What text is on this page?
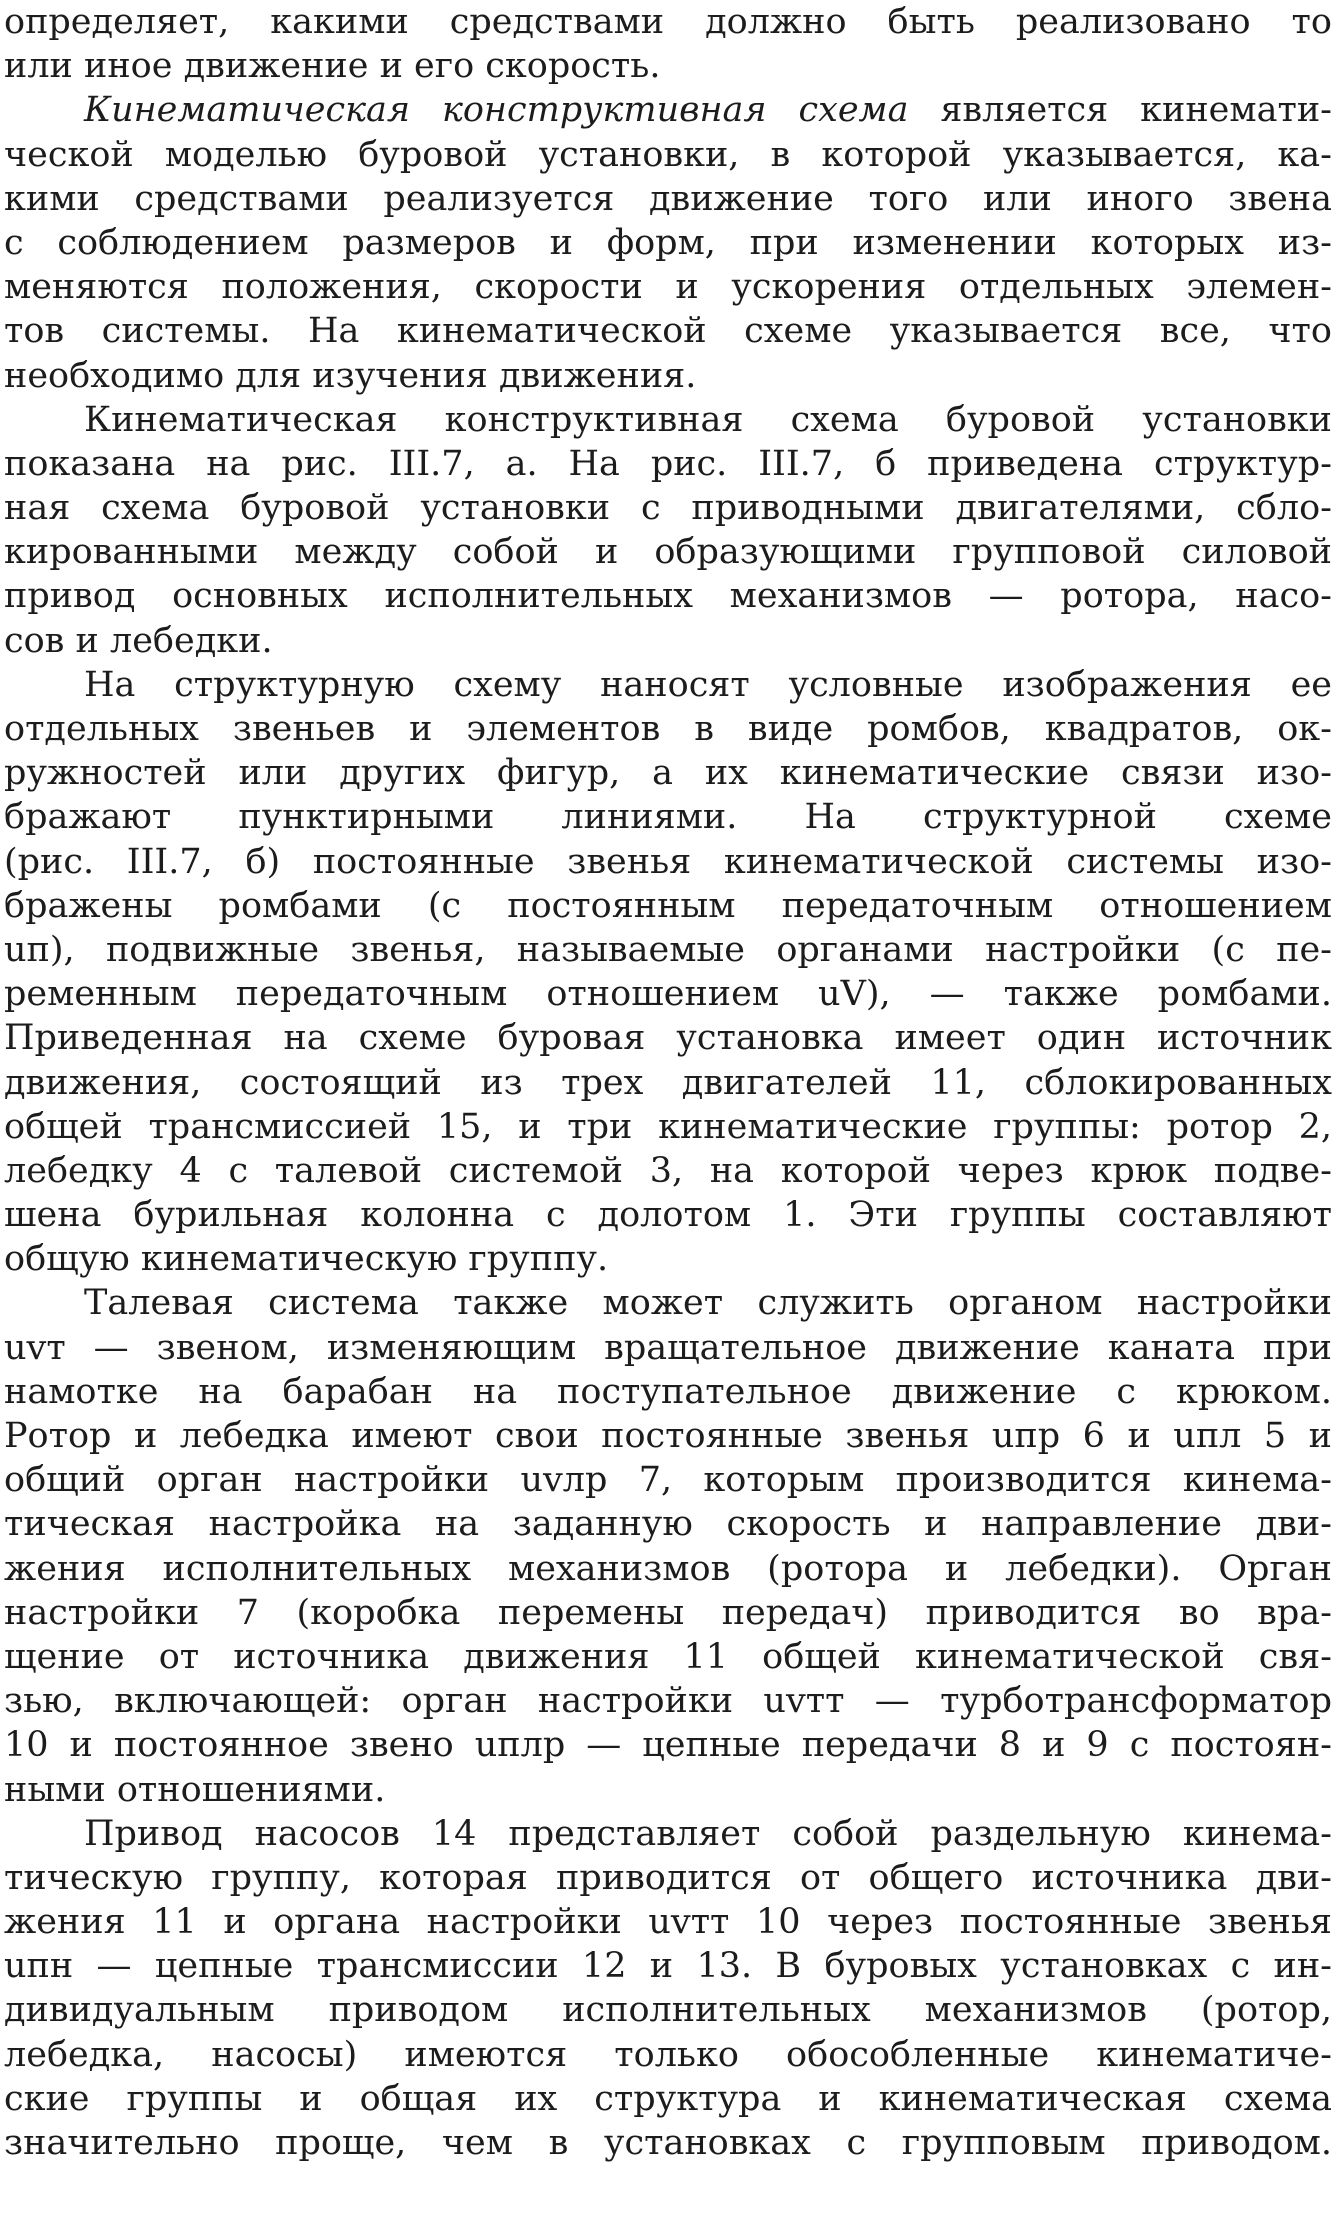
определяет, какими средствами должно быть реализовано то
или иное движение и его скорость.
Кинематическая конструктивная схема является кинемати-
ческой моделью буровой установки, в которой указывается, ка-
кими средствами реализуется движение того или иного звена
с соблюдением размеров и форм, при изменении которых из-
меняются положения, скорости и ускорения отдельных элемен-
тов системы. На кинематической схеме указывается все, что
необходимо для изучения движения.
Кинематическая конструктивная схема буровой установки
показана на рис. III.7, а. На рис. III.7, б приведена структур-
ная схема буровой установки с приводными двигателями, сбло-
кированными между собой и образующими групповой силовой
привод основных исполнительных механизмов — ротора, насо-
сов и лебедки.
На структурную схему наносят условные изображения ее
отдельных звеньев и элементов в виде ромбов, квадратов, ок-
ружностей или других фигур, а их кинематические связи изо-
бражают пунктирными линиями. На структурной схеме
(рис. III.7, б) постоянные звенья кинематической системы изо-
бражены ромбами (с постоянным передаточным отношением
uп), подвижные звенья, называемые органами настройки (с пе-
ременным передаточным отношением uV), — также ромбами.
Приведенная на схеме буровая установка имеет один источник
движения, состоящий из трех двигателей 11, сблокированных
общей трансмиссией 15, и три кинематические группы: ротор 2,
лебедку 4 с талевой системой 3, на которой через крюк подве-
шена бурильная колонна с долотом 1. Эти группы составляют
общую кинематическую группу.
Талевая система также может служить органом настройки
uvт — звеном, изменяющим вращательное движение каната при
намотке на барабан на поступательное движение с крюком.
Ротор и лебедка имеют свои постоянные звенья uпр 6 и uпл 5 и
общий орган настройки uvлр 7, которым производится кинема-
тическая настройка на заданную скорость и направление дви-
жения исполнительных механизмов (ротора и лебедки). Орган
настройки 7 (коробка перемены передач) приводится во вра-
щение от источника движения 11 общей кинематической свя-
зью, включающей: орган настройки uvтт — турботрансформатор
10 и постоянное звено uплр — цепные передачи 8 и 9 с постоян-
ными отношениями.
Привод насосов 14 представляет собой раздельную кинема-
тическую группу, которая приводится от общего источника дви-
жения 11 и органа настройки uvтт 10 через постоянные звенья
uпн — цепные трансмиссии 12 и 13. В буровых установках с ин-
дивидуальным приводом исполнительных механизмов (ротор,
лебедка, насосы) имеются только обособленные кинематиче-
ские группы и общая их структура и кинематическая схема
значительно проще, чем в установках с групповым приводом.
